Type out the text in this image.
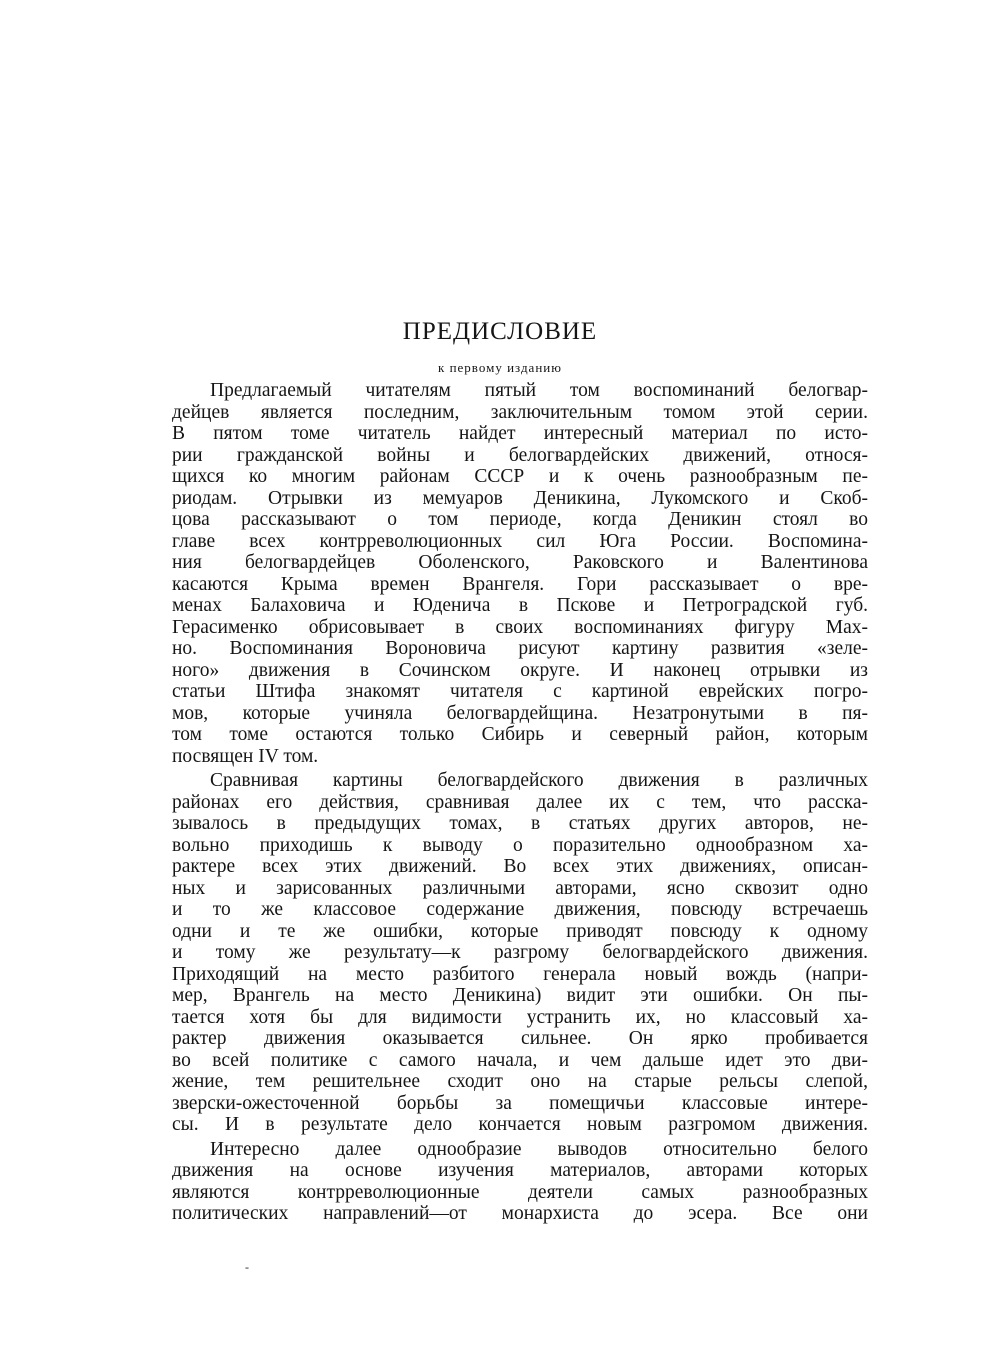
ПРЕДИСЛОВИЕ
к первому изданию

Предлагаемый читателям пятый том воспоминаний белогвар-
дейцев является последним, заключительным томом этой серии.
В пятом томе читатель найдет интересный материал по исто-
рии гражданской войны и белогвардейских движений, относя-
щихся ко многим районам СССР и к очень разнообразным пе-
риодам. Отрывки из мемуаров Деникина, Лукомского и Скоб-
цова рассказывают о том периоде, когда Деникин стоял во
главе всех контрреволюционных сил Юга России. Воспомина-
ния белогвардейцев Оболенского, Раковского и Валентинова
касаются Крыма времен Врангеля. Гори рассказывает о вре-
менах Балаховича и Юденича в Пскове и Петроградской губ.
Герасименко обрисовывает в своих воспоминаниях фигуру Мах-
но. Воспоминания Вороновича рисуют картину развития «зеле-
ного» движения в Сочинском округе. И наконец отрывки из
статьи Штифа знакомят читателя с картиной еврейских погро-
мов, которые учиняла белогвардейщина. Незатронутыми в пя-
том томе остаются только Сибирь и северный район, которым
посвящен IV том.

Сравнивая картины белогвардейского движения в различных
районах его действия, сравнивая далее их с тем, что расска-
зывалось в предыдущих томах, в статьях других авторов, не-
вольно приходишь к выводу о поразительно однообразном ха-
рактере всех этих движений. Во всех этих движениях, описан-
ных и зарисованных различными авторами, ясно сквозит одно
и то же классовое содержание движения, повсюду встречаешь
одни и те же ошибки, которые приводят повсюду к одному
и тому же результату—к разгрому белогвардейского движения.
Приходящий на место разбитого генерала новый вождь (напри-
мер, Врангель на место Деникина) видит эти ошибки. Он пы-
тается хотя бы для видимости устранить их, но классовый ха-
рактер движения оказывается сильнее. Он ярко пробивается
во всей политике с самого начала, и чем дальше идет это дви-
жение, тем решительнее сходит оно на старые рельсы слепой,
зверски-ожесточенной борьбы за помещичьи классовые интере-
сы. И в результате дело кончается новым разгромом движения.

Интересно далее однообразие выводов относительно белого
движения на основе изучения материалов, авторами которых
являются контрреволюционные деятели самых разнообразных
политических направлений—от монархиста до эсера. Все они

-
